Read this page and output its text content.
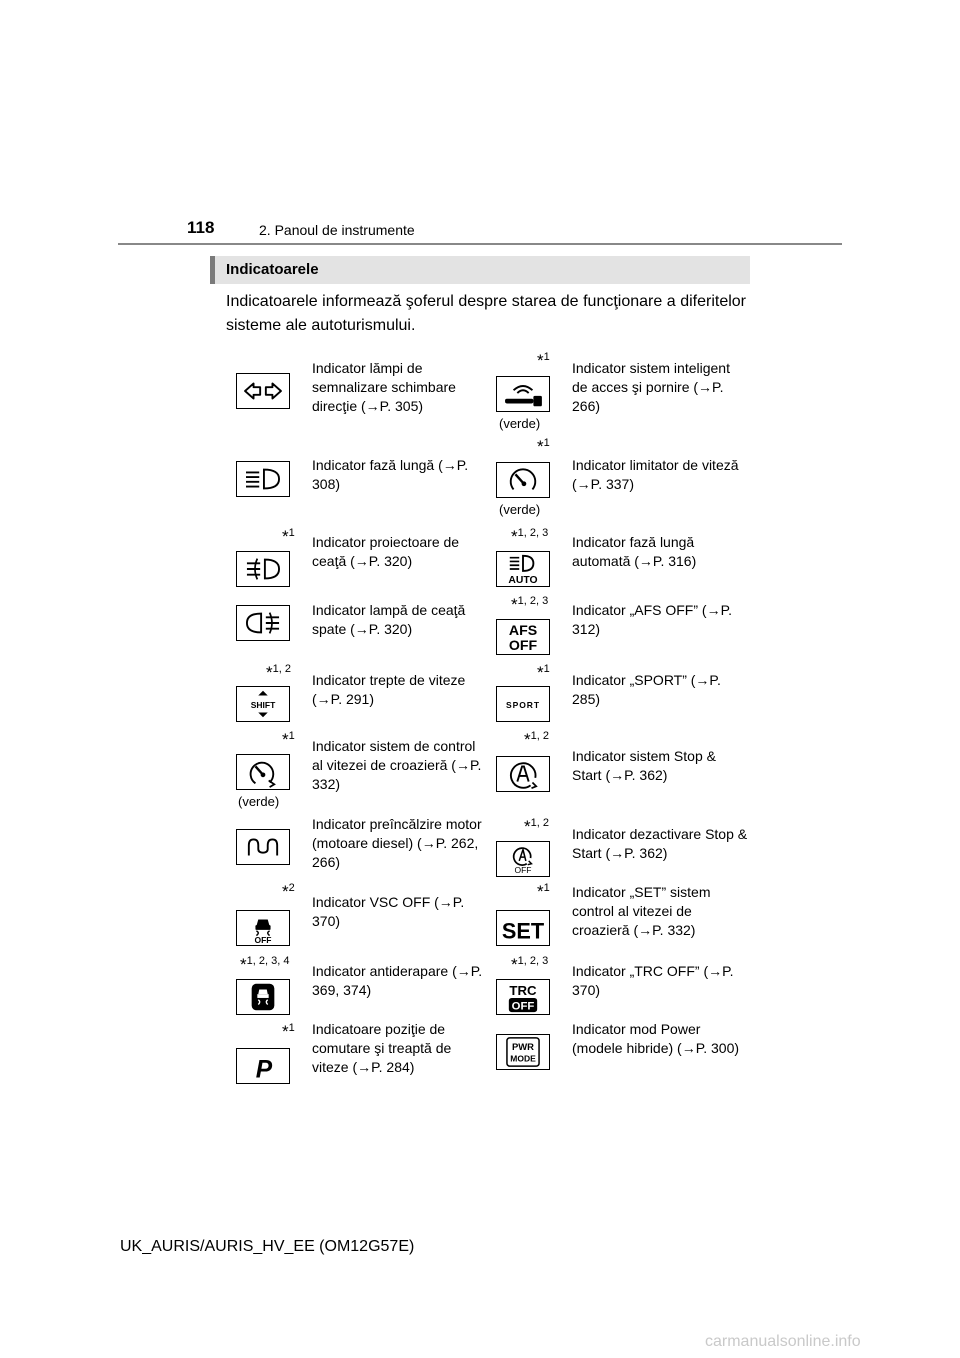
118	2. Panoul de instrumente
Indicatoarele
Indicatoarele informează şoferul despre starea de funcţionare a diferitelor sisteme ale autoturismului.
Indicator lămpi de semnalizare schimbare direcţie (→P. 305)
*$^1$
(verde)
Indicator sistem inteligent de acces şi pornire (→P. 266)
Indicator fază lungă (→P. 308)
*$^1$
(verde)
Indicator limitator de viteză (→P. 337)
*$^1$
Indicator proiectoare de ceaţă (→P. 320)
*$^{1, 2, 3}$
AUTO
Indicator fază lungă automată (→P. 316)
Indicator lampă de ceaţă spate (→P. 320)
*$^{1, 2, 3}$
AFS
OFF
Indicator „AFS OFF” (→P. 312)
*$^{1, 2}$
SHIFT
Indicator trepte de viteze (→P. 291)
*$^1$
SPORT
Indicator „SPORT” (→P. 285)
*$^1$
(verde)
Indicator sistem de control al vitezei de croazieră (→P. 332)
*$^{1, 2}$
Indicator sistem Stop & Start (→P. 362)
Indicator preîncălzire motor (motoare diesel) (→P. 262, 266)
*$^{1, 2}$
OFF
Indicator dezactivare Stop & Start (→P. 362)
*$^2$
OFF
Indicator VSC OFF (→P. 370)
*$^1$
SET
Indicator „SET” sistem control al vitezei de croazieră (→P. 332)
*$^{1, 2, 3, 4}$
Indicator antiderapare (→P. 369, 374)
*$^{1, 2, 3}$
TRC
OFF
Indicator „TRC OFF” (→P. 370)
*$^1$
P
Indicatoare poziţie de comutare şi treaptă de viteze (→P. 284)
PWR
MODE
Indicator mod Power (modele hibride) (→P. 300)
UK_AURIS/AURIS_HV_EE (OM12G57E)
carmanualsonline.info
